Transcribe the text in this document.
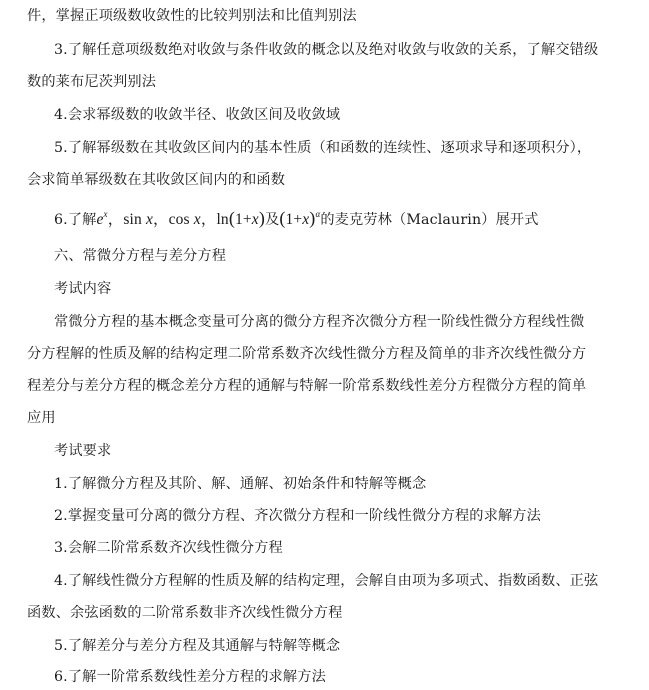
件，掌握正项级数收敛性的比较判别法和比值判别法
3.了解任意项级数绝对收敛与条件收敛的概念以及绝对收敛与收敛的关系，了解交错级
数的莱布尼茨判别法
4.会求幂级数的收敛半径、收敛区间及收敛域
5.了解幂级数在其收敛区间内的基本性质（和函数的连续性、逐项求导和逐项积分），
会求简单幂级数在其收敛区间内的和函数
6.了解$e^x$，sin x，cos x，ln(1+x)及$(1+x)^\alpha$的麦克劳林（Maclaurin）展开式
六、常微分方程与差分方程
考试内容
常微分方程的基本概念变量可分离的微分方程齐次微分方程一阶线性微分方程线性微
分方程解的性质及解的结构定理二阶常系数齐次线性微分方程及简单的非齐次线性微分方
程差分与差分方程的概念差分方程的通解与特解一阶常系数线性差分方程微分方程的简单
应用
考试要求
1.了解微分方程及其阶、解、通解、初始条件和特解等概念
2.掌握变量可分离的微分方程、齐次微分方程和一阶线性微分方程的求解方法
3.会解二阶常系数齐次线性微分方程
4.了解线性微分方程解的性质及解的结构定理，会解自由项为多项式、指数函数、正弦
函数、余弦函数的二阶常系数非齐次线性微分方程
5.了解差分与差分方程及其通解与特解等概念
6.了解一阶常系数线性差分方程的求解方法
